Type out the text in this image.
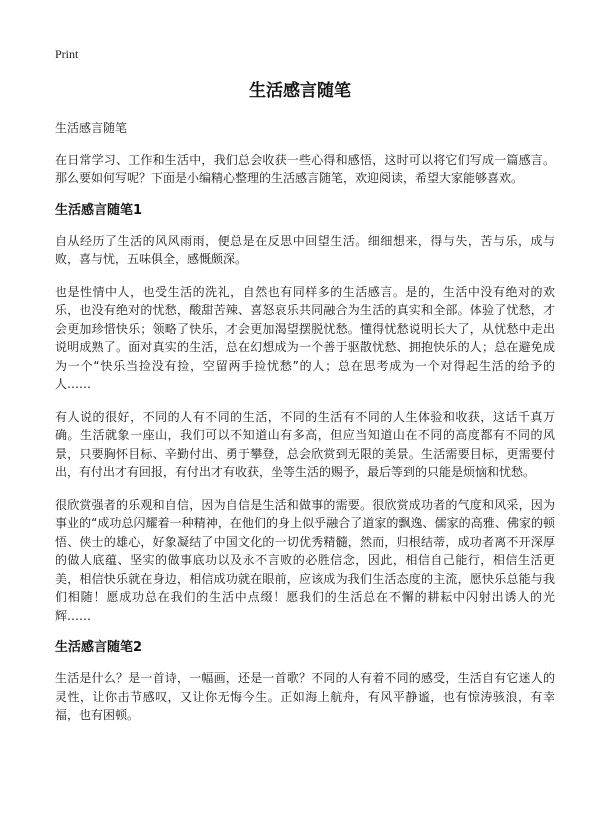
Print
生活感言随笔

生活感言随笔

在日常学习、工作和生活中，我们总会收获一些心得和感悟，这时可以将它们写成一篇感言。那么要如何写呢？下面是小编精心整理的生活感言随笔，欢迎阅读，希望大家能够喜欢。

生活感言随笔1

自从经历了生活的风风雨雨，便总是在反思中回望生活。细细想来，得与失，苦与乐，成与败，喜与忧，五味俱全，感慨颇深。

也是性情中人，也受生活的洗礼，自然也有同样多的生活感言。是的，生活中没有绝对的欢乐，也没有绝对的忧愁，酸甜苦辣、喜怒哀乐共同融合为生活的真实和全部。体验了忧愁，才会更加珍惜快乐；领略了快乐，才会更加渴望摆脱忧愁。懂得忧愁说明长大了，从忧愁中走出说明成熟了。面对真实的生活，总在幻想成为一个善于驱散忧愁、拥抱快乐的人；总在避免成为一个“快乐当捡没有捡，空留两手捡忧愁”的人；总在思考成为一个对得起生活的给予的人……

有人说的很好，不同的人有不同的生活，不同的生活有不同的人生体验和收获，这话千真万确。生活就象一座山，我们可以不知道山有多高，但应当知道山在不同的高度都有不同的风景，只要胸怀目标、辛勤付出、勇于攀登，总会欣赏到无限的美景。生活需要目标，更需要付出，有付出才有回报，有付出才有收获，坐等生活的赐予，最后等到的只能是烦恼和忧愁。

很欣赏强者的乐观和自信，因为自信是生活和做事的需要。很欣赏成功者的气度和风采，因为事业的“成功总闪耀着一种精神，在他们的身上似乎融合了道家的飘逸、儒家的高雅、佛家的顿悟、侠士的雄心，好象凝结了中国文化的一切优秀精髓，然而，归根结蒂，成功者离不开深厚的做人底蕴、坚实的做事底功以及永不言败的必胜信念，因此，相信自己能行，相信生活更美，相信快乐就在身边，相信成功就在眼前，应该成为我们生活态度的主流，愿快乐总能与我们相随！愿成功总在我们的生活中点缀！愿我们的生活总在不懈的耕耘中闪射出诱人的光辉……

生活感言随笔2

生活是什么？是一首诗，一幅画，还是一首歌？不同的人有着不同的感受，生活自有它迷人的灵性，让你击节感叹，又让你无悔今生。正如海上航舟，有风平静谧，也有惊涛骇浪，有幸福，也有困顿。
